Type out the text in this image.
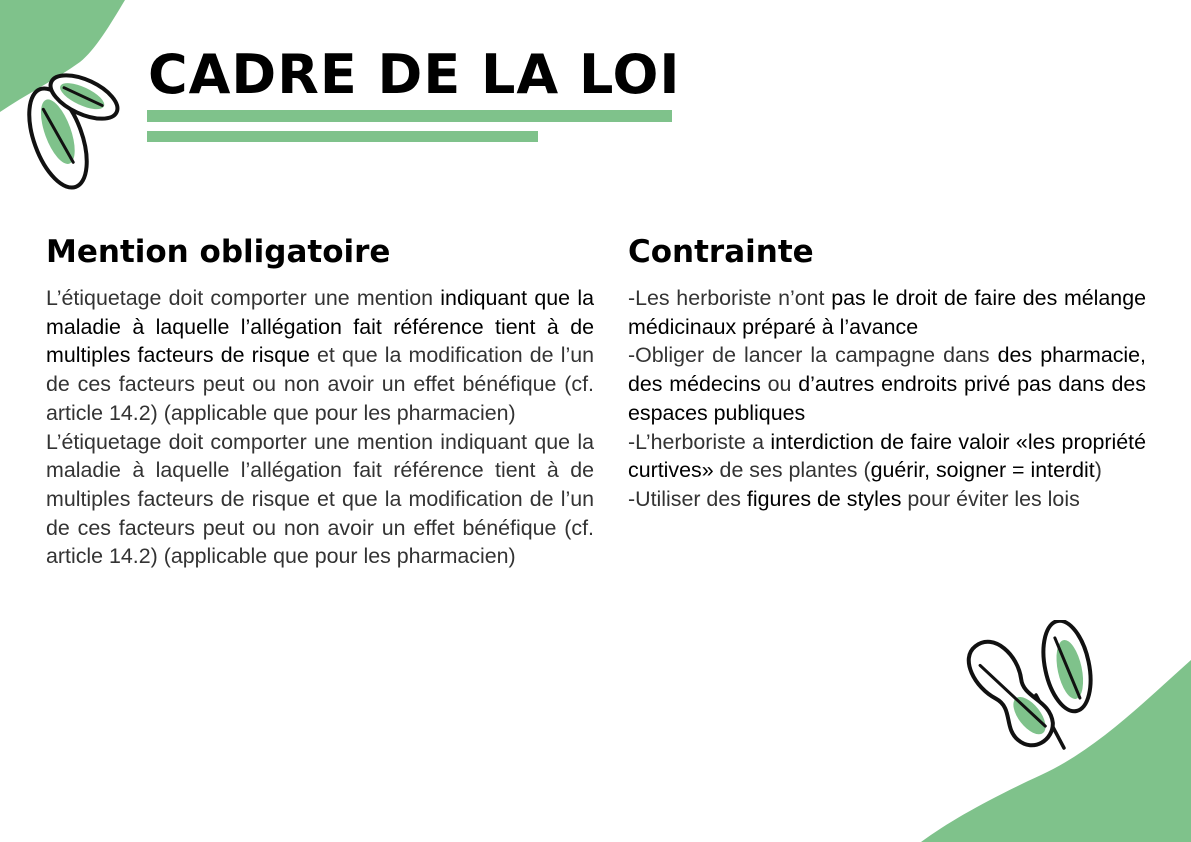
CADRE DE LA LOI
Mention obligatoire

L’étiquetage doit comporter une mention indiquant que la maladie à laquelle l’allégation fait référence tient à de multiples facteurs de risque et que la modification de l’un de ces facteurs peut ou non avoir un effet bénéfique (cf. article 14.2) (applicable que pour les pharmacien)

L’étiquetage doit comporter une mention indiquant que la maladie à laquelle l’allégation fait référence tient à de multiples facteurs de risque et que la modification de l’un de ces facteurs peut ou non avoir un effet bénéfique (cf. article 14.2) (applicable que pour les pharmacien)

Contrainte

-Les herboriste n’ont pas le droit de faire des mélange médicinaux préparé à l’avance

-Obliger de lancer la campagne dans des pharmacie, des médecins ou d’autres endroits privé pas dans des espaces publiques

-L’herboriste a interdiction de faire valoir «les propriété curtives» de ses plantes (guérir, soigner = interdit)

-Utiliser des figures de styles pour éviter les lois
